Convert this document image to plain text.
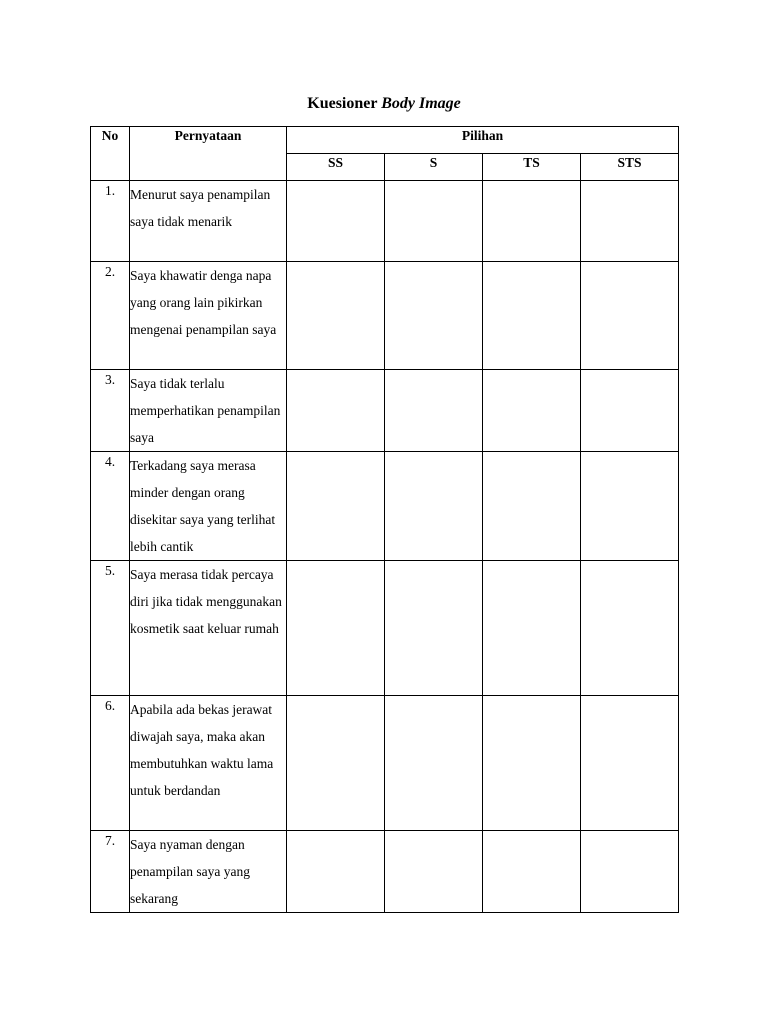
Kuesioner Body Image
No	Pernyataan	Pilihan			
		SS	S	TS	STS
1.	Menurut saya penampilan saya tidak menarik				
2.	Saya khawatir denga napa yang orang lain pikirkan mengenai penampilan saya				
3.	Saya tidak terlalu memperhatikan penampilan saya				
4.	Terkadang saya merasa minder dengan orang disekitar saya yang terlihat lebih cantik				
5.	Saya merasa tidak percaya diri jika tidak menggunakan kosmetik saat keluar rumah				
6.	Apabila ada bekas jerawat diwajah saya, maka akan membutuhkan waktu lama untuk berdandan				
7.	Saya nyaman dengan penampilan saya yang sekarang				
